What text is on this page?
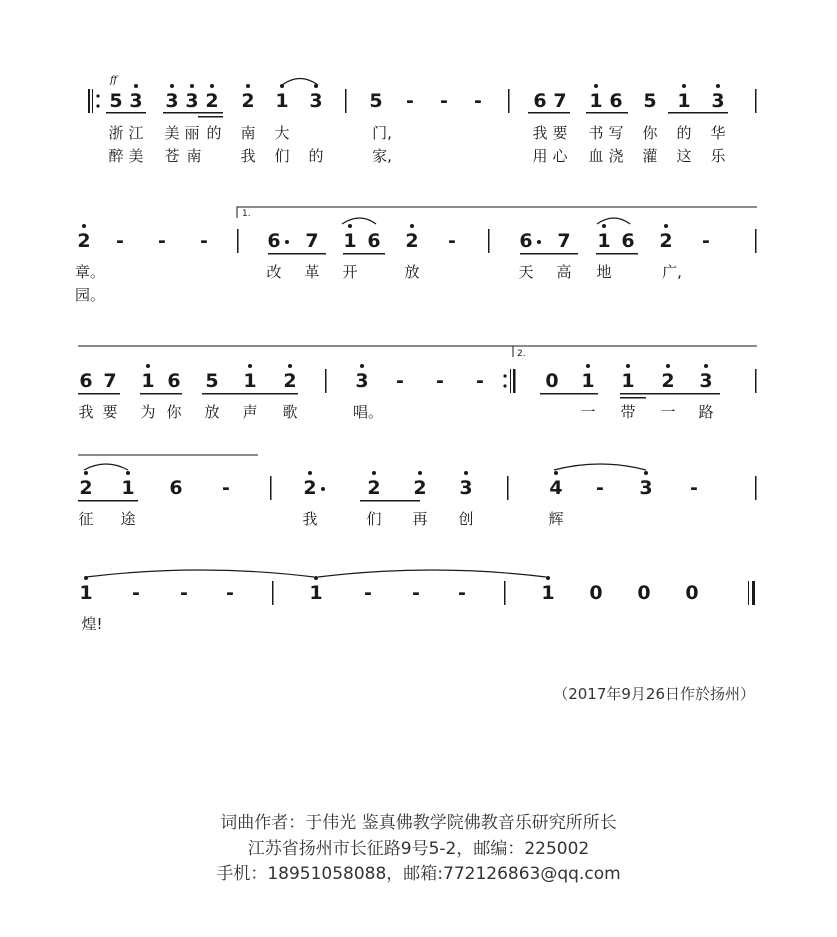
ff
1.
2.
5 3 3 3 2 2 1 3 5	-	-	-	6 7 1 6 5 1 3
浙 江 美 丽 的 南 大	门,	我 要 书 写 你 的 华
醉 美 苍 南	我 们 的	家,	用 心 血 浇 灌 这 乐
2	-	-	-	6 7 1 6 2	-	6 7 1 6 2	-
章。	改 革 开	放	天 高 地	广,
园。
6 7 1 6 5 1 2	3	-	-	-	0 1 1 2 3
我 要 为 你 放 声 歌	唱。	一 带 一 路
2 1 6	-	2	2 2 3	4	-	3	-
征 途	我	们 再 创	辉
1	-	-	-	1	-	-	-	1 0 0 0
煌!
（2017年9月26日作於扬州）
词曲作者：于伟光 鉴真佛教学院佛教音乐研究所所长
江苏省扬州市长征路9号5-2，邮编：225002
手机：18951058088，邮箱:772126863@qq.com
